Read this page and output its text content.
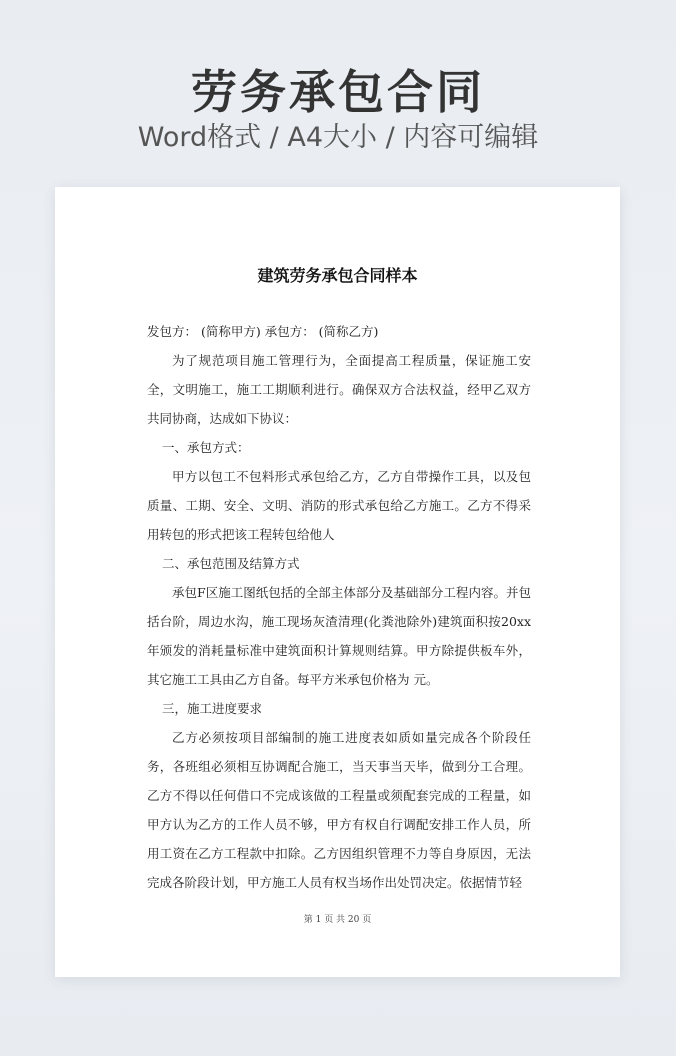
劳务承包合同
Word格式 / A4大小 / 内容可编辑
建筑劳务承包合同样本

发包方： (简称甲方) 承包方： (简称乙方)

为了规范项目施工管理行为，全面提高工程质量，保证施工安全，文明施工，施工工期顺利进行。确保双方合法权益，经甲乙双方共同协商，达成如下协议：

一、承包方式：

甲方以包工不包料形式承包给乙方，乙方自带操作工具，以及包质量、工期、安全、文明、消防的形式承包给乙方施工。乙方不得采用转包的形式把该工程转包给他人

二、承包范围及结算方式

承包F区施工图纸包括的全部主体部分及基础部分工程内容。并包括台阶，周边水沟，施工现场灰渣清理(化粪池除外)建筑面积按20xx年颁发的消耗量标准中建筑面积计算规则结算。甲方除提供板车外，其它施工工具由乙方自备。每平方米承包价格为 元。

三，施工进度要求

乙方必须按项目部编制的施工进度表如质如量完成各个阶段任务，各班组必须相互协调配合施工，当天事当天毕，做到分工合理。乙方不得以任何借口不完成该做的工程量或须配套完成的工程量，如甲方认为乙方的工作人员不够，甲方有权自行调配安排工作人员，所用工资在乙方工程款中扣除。乙方因组织管理不力等自身原因，无法完成各阶段计划，甲方施工人员有权当场作出处罚决定。依据情节轻

第 1 页 共 20 页
